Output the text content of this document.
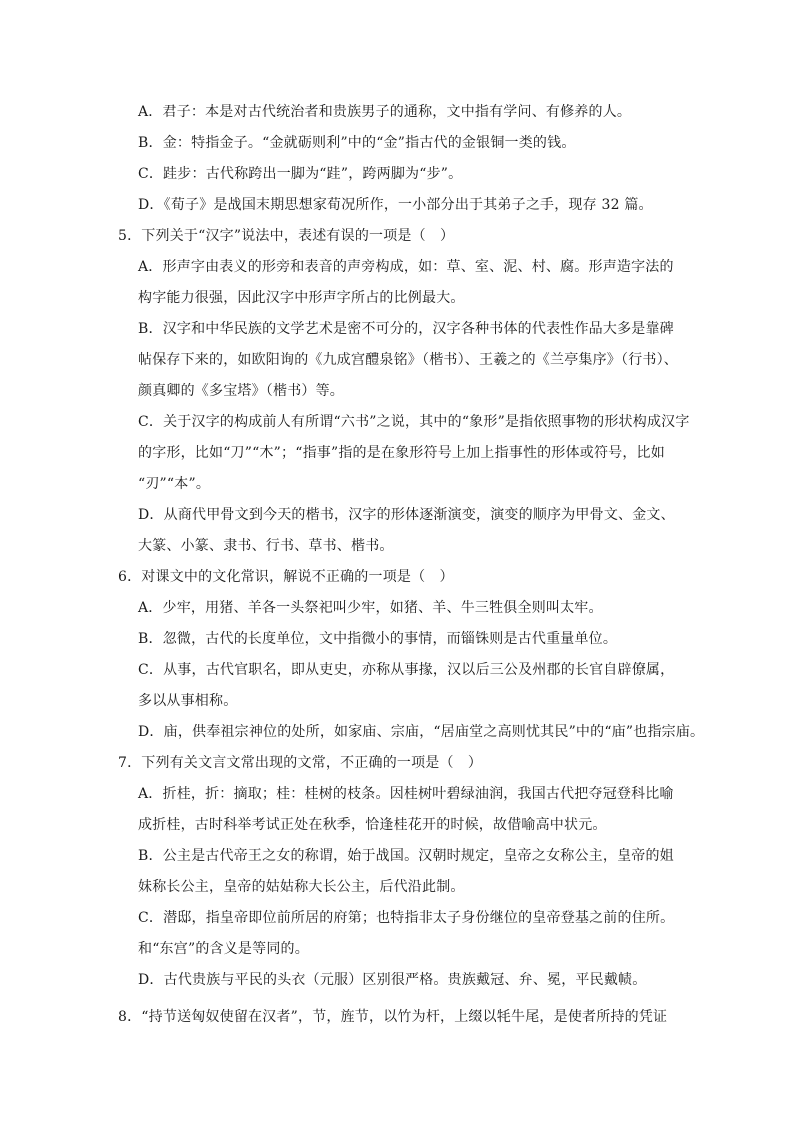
A．君子：本是对古代统治者和贵族男子的通称，文中指有学问、有修养的人。
B．金：特指金子。“金就砺则利”中的“金”指古代的金银铜一类的钱。
C．跬步：古代称跨出一脚为“跬”，跨两脚为“步”。
D．《荀子》是战国末期思想家荀况所作，一小部分出于其弟子之手，现存 32 篇。
5．下列关于“汉字”说法中，表述有误的一项是（　）
A．形声字由表义的形旁和表音的声旁构成，如：草、室、泥、村、腐。形声造字法的
构字能力很强，因此汉字中形声字所占的比例最大。
B．汉字和中华民族的文学艺术是密不可分的，汉字各种书体的代表性作品大多是靠碑
帖保存下来的，如欧阳询的《九成宫醴泉铭》（楷书）、王羲之的《兰亭集序》（行书）、
颜真卿的《多宝塔》（楷书）等。
C．关于汉字的构成前人有所谓“六书”之说，其中的“象形”是指依照事物的形状构成汉字
的字形，比如“刀”“木”；“指事”指的是在象形符号上加上指事性的形体或符号，比如
“刃”“本”。
D．从商代甲骨文到今天的楷书，汉字的形体逐渐演变，演变的顺序为甲骨文、金文、
大篆、小篆、隶书、行书、草书、楷书。
6．对课文中的文化常识，解说不正确的一项是（　）
A．少牢，用猪、羊各一头祭祀叫少牢，如猪、羊、牛三牲俱全则叫太牢。
B．忽微，古代的长度单位，文中指微小的事情，而锱铢则是古代重量单位。
C．从事，古代官职名，即从吏史，亦称从事掾，汉以后三公及州郡的长官自辟僚属，
多以从事相称。
D．庙，供奉祖宗神位的处所，如家庙、宗庙，“居庙堂之高则忧其民”中的“庙”也指宗庙。
7．下列有关文言文常出现的文常，不正确的一项是（　）
A．折桂，折：摘取；桂：桂树的枝条。因桂树叶碧绿油润，我国古代把夺冠登科比喻
成折桂，古时科举考试正处在秋季，恰逢桂花开的时候，故借喻高中状元。
B．公主是古代帝王之女的称谓，始于战国。汉朝时规定，皇帝之女称公主，皇帝的姐
妹称长公主，皇帝的姑姑称大长公主，后代沿此制。
C．潜邸，指皇帝即位前所居的府第；也特指非太子身份继位的皇帝登基之前的住所。
和“东宫”的含义是等同的。
D．古代贵族与平民的头衣（元服）区别很严格。贵族戴冠、弁、冕，平民戴帻。
8．“持节送匈奴使留在汉者”，节，旌节，以竹为杆，上缀以牦牛尾，是使者所持的凭证
